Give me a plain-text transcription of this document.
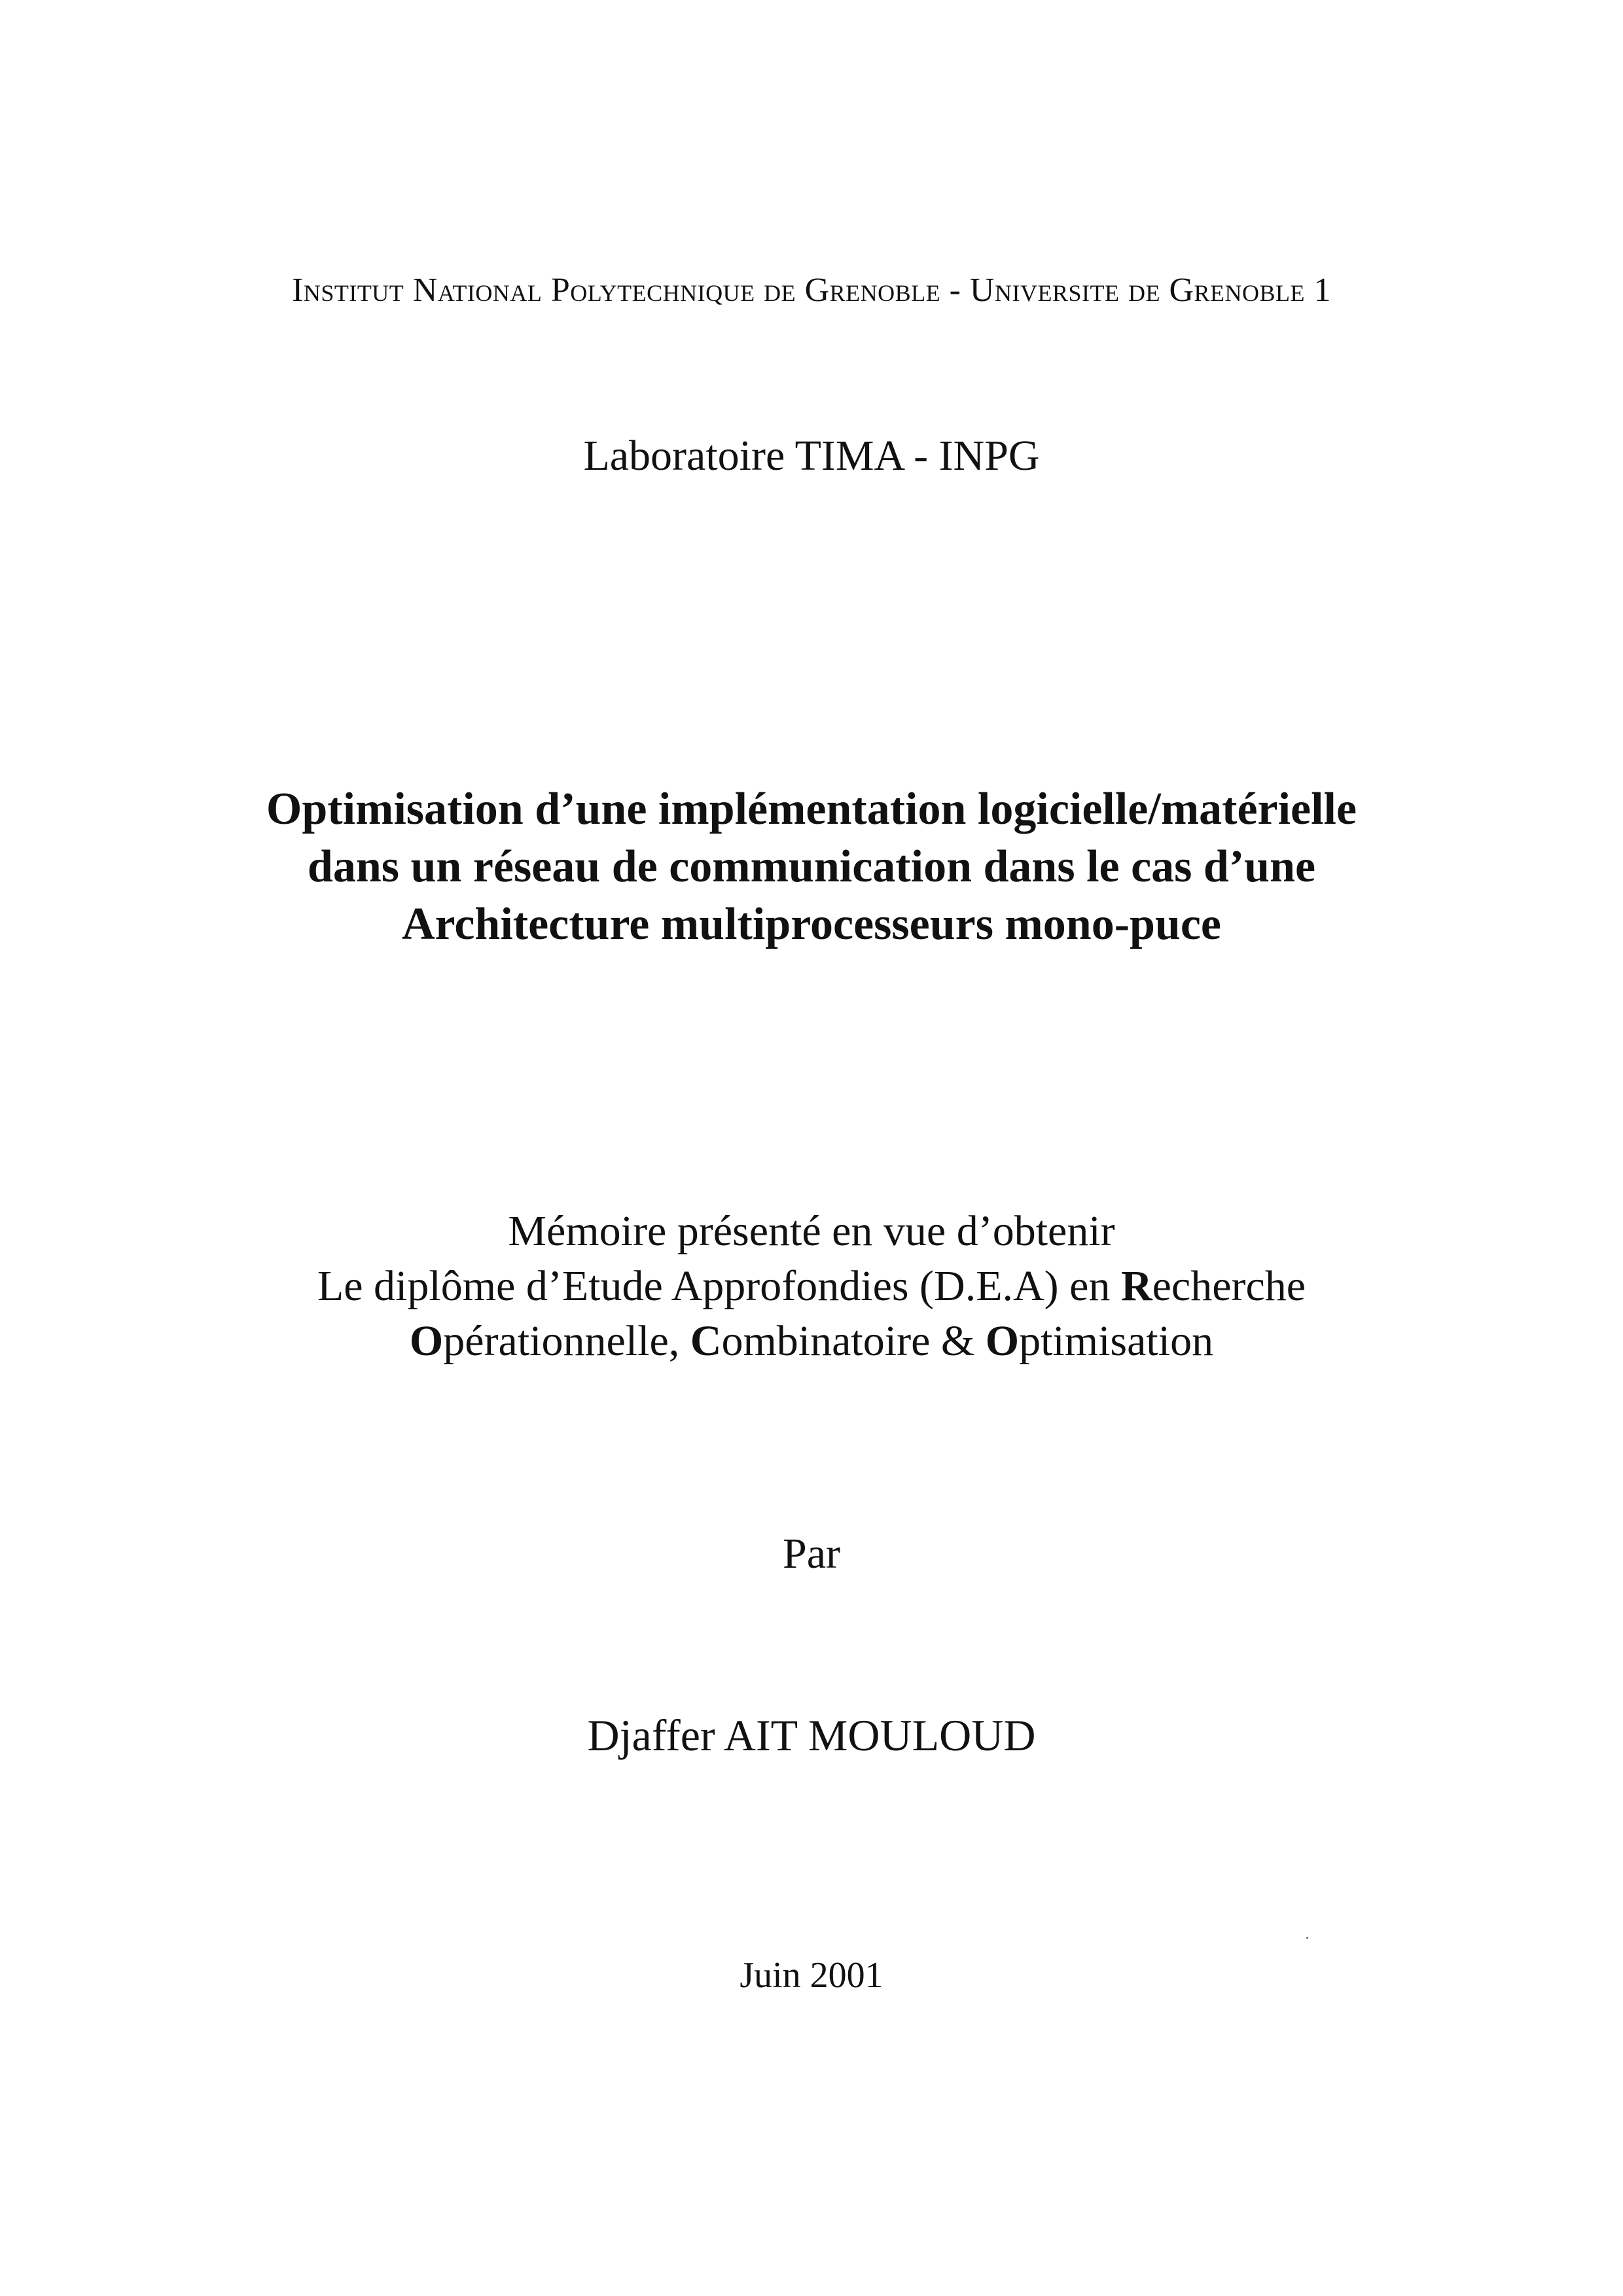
Institut National Polytechnique de Grenoble - Universite de Grenoble 1
Laboratoire TIMA - INPG
Optimisation d’une implémentation logicielle/matérielle
dans un réseau de communication dans le cas d’une
Architecture multiprocesseurs mono-puce
Mémoire présenté en vue d’obtenir
Le diplôme d’Etude Approfondies (D.E.A) en Recherche
Opérationnelle, Combinatoire & Optimisation
Par
Djaffer AIT MOULOUD
Juin 2001
